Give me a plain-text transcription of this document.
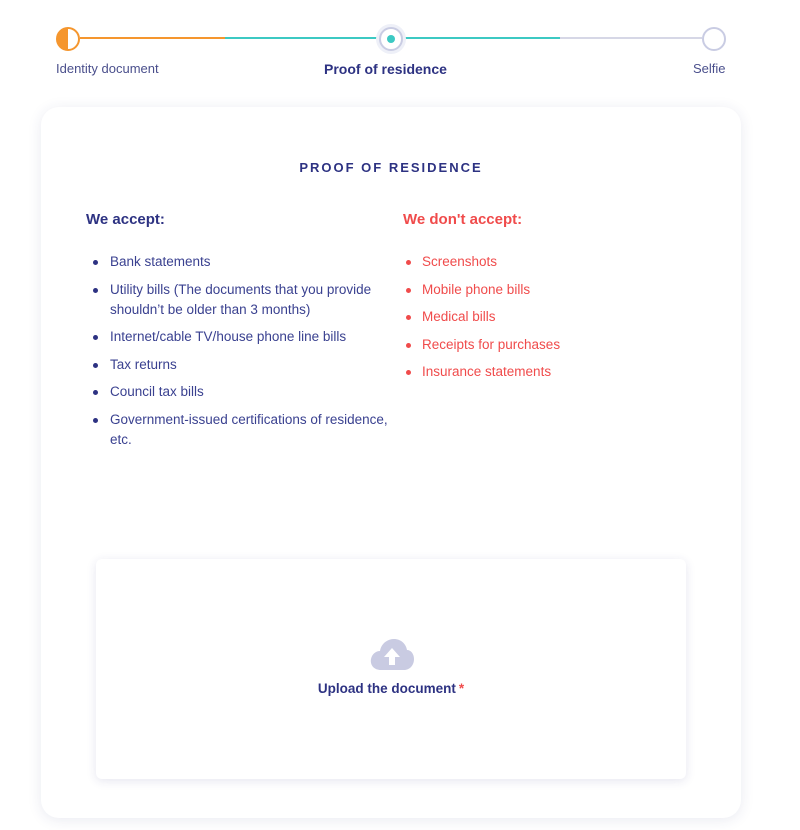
Identity document	Proof of residence	Selfie
PROOF OF RESIDENCE
We accept:
Bank statements
Utility bills (The documents that you provide shouldn’t be older than 3 months)
Internet/cable TV/house phone line bills
Tax returns
Council tax bills
Government-issued certifications of residence, etc.
We don't accept:
Screenshots
Mobile phone bills
Medical bills
Receipts for purchases
Insurance statements
Upload the document *
